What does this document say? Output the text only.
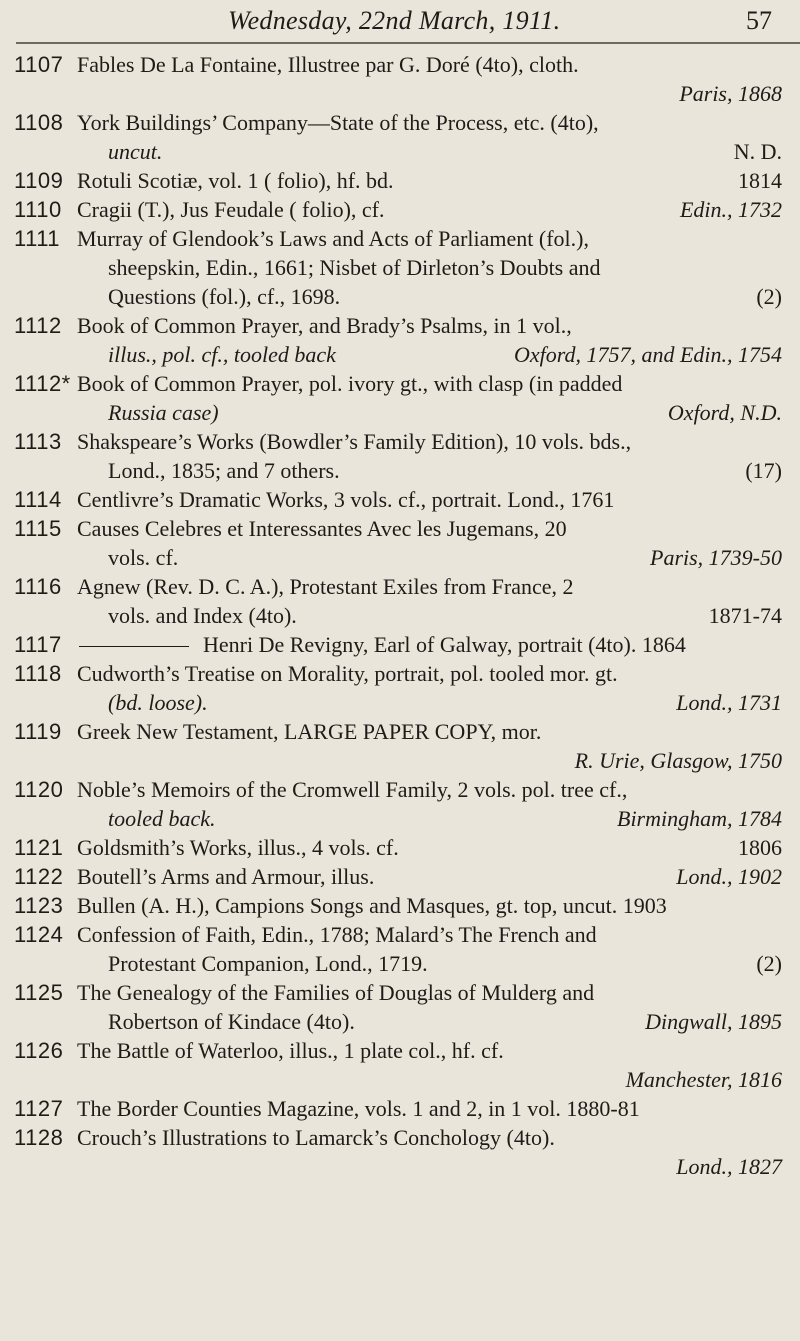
Wednesday, 22nd March, 1911.	57
1107 Fables De La Fontaine, Illustree par G. Doré (4to), cloth.
Paris, 1868
1108 York Buildings’ Company—State of the Process, etc. (4to),
uncut.	N. D.
1109 Rotuli Scotiæ, vol. 1 ( folio), hf. bd.	1814
1110 Cragii (T.), Jus Feudale ( folio), cf.	Edin., 1732
1111 Murray of Glendook’s Laws and Acts of Parliament (fol.),
sheepskin, Edin., 1661; Nisbet of Dirleton’s Doubts and
Questions (fol.), cf., 1698.	(2)
1112 Book of Common Prayer, and Brady’s Psalms, in 1 vol.,
illus., pol. cf., tooled back	Oxford, 1757, and Edin., 1754
1112* Book of Common Prayer, pol. ivory gt., with clasp (in padded
Russia case)	Oxford, N.D.
1113 Shakspeare’s Works (Bowdler’s Family Edition), 10 vols. bds.,
Lond., 1835; and 7 others.	(17)
1114 Centlivre’s Dramatic Works, 3 vols. cf., portrait. Lond., 1761
1115 Causes Celebres et Interessantes Avec les Jugemans, 20
vols. cf.	Paris, 1739-50
1116 Agnew (Rev. D. C. A.), Protestant Exiles from France, 2
vols. and Index (4to).	1871-74
1117	Henri De Revigny, Earl of Galway, portrait (4to). 1864
1118 Cudworth’s Treatise on Morality, portrait, pol. tooled mor. gt.
(bd. loose).	Lond., 1731
1119 Greek New Testament, LARGE PAPER COPY, mor.
R. Urie, Glasgow, 1750
1120 Noble’s Memoirs of the Cromwell Family, 2 vols. pol. tree cf.,
tooled back.	Birmingham, 1784
1121 Goldsmith’s Works, illus., 4 vols. cf.	1806
1122 Boutell’s Arms and Armour, illus.	Lond., 1902
1123 Bullen (A. H.), Campions Songs and Masques, gt. top, uncut. 1903
1124 Confession of Faith, Edin., 1788; Malard’s The French and
Protestant Companion, Lond., 1719.	(2)
1125 The Genealogy of the Families of Douglas of Mulderg and
Robertson of Kindace (4to).	Dingwall, 1895
1126 The Battle of Waterloo, illus., 1 plate col., hf. cf.
Manchester, 1816
1127 The Border Counties Magazine, vols. 1 and 2, in 1 vol. 1880-81
1128 Crouch’s Illustrations to Lamarck’s Conchology (4to).
Lond., 1827
